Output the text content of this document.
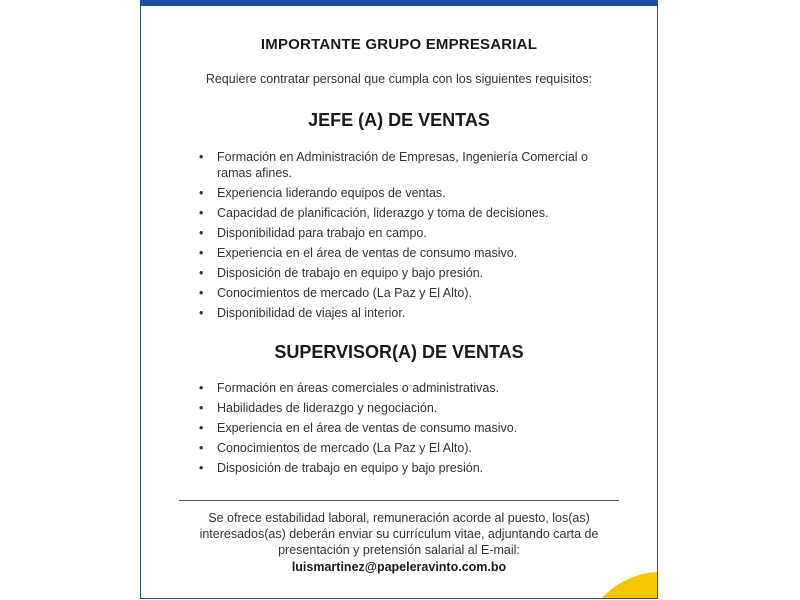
IMPORTANTE GRUPO EMPRESARIAL
Requiere contratar personal que cumpla con los siguientes requisitos:
JEFE (A) DE VENTAS
• Formación en Administración de Empresas, Ingeniería Comercial o ramas afines.
• Experiencia liderando equipos de ventas.
• Capacidad de planificación, liderazgo y toma de decisiones.
• Disponibilidad para trabajo en campo.
• Experiencia en el área de ventas de consumo masivo.
• Disposición de trabajo en equipo y bajo presión.
• Conocimientos de mercado (La Paz y El Alto).
• Disponibilidad de viajes al interior.
SUPERVISOR(A) DE VENTAS
• Formación en áreas comerciales o administrativas.
• Habilidades de liderazgo y negociación.
• Experiencia en el área de ventas de consumo masivo.
• Conocimientos de mercado (La Paz y El Alto).
• Disposición de trabajo en equipo y bajo presión.
Se ofrece estabilidad laboral, remuneración acorde al puesto, los(as) interesados(as) deberán enviar su currículum vitae, adjuntando carta de presentación y pretensión salarial al E-mail:
luismartinez@papeleravinto.com.bo
